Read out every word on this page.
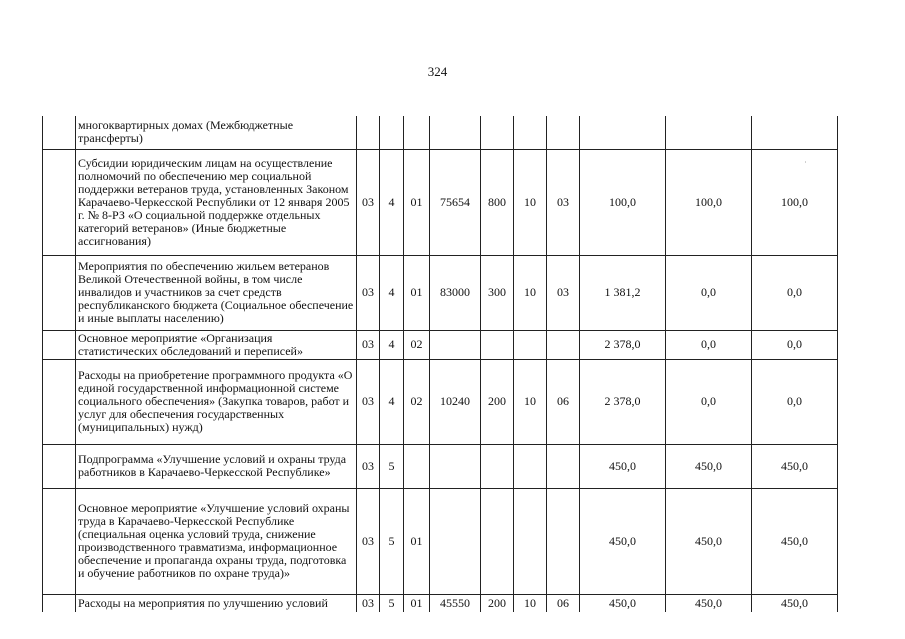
324
	многоквартирных домах (Межбюджетные трансферты)										
	Субсидии юридическим лицам на осуществление полномочий по обеспечению мер социальной поддержки ветеранов труда, установленных Законом Карачаево-Черкесской Республики от 12 января 2005 г. № 8-РЗ «О социальной поддержке отдельных категорий ветеранов» (Иные бюджетные ассигнования)	03	4	01	75654	800	10	03	100,0	100,0	100,0
	Мероприятия по обеспечению жильем ветеранов Великой Отечественной войны, в том числе инвалидов и участников за счет средств республиканского бюджета (Социальное обеспечение и иные выплаты населению)	03	4	01	83000	300	10	03	1 381,2	0,0	0,0
	Основное мероприятие «Организация статистических обследований и переписей»	03	4	02					2 378,0	0,0	0,0
	Расходы на приобретение программного продукта «О единой государственной информационной системе социального обеспечения» (Закупка товаров, работ и услуг для обеспечения государственных (муниципальных) нужд)	03	4	02	10240	200	10	06	2 378,0	0,0	0,0
	Подпрограмма «Улучшение условий и охраны труда работников в Карачаево-Черкесской Республике»	03	5						450,0	450,0	450,0
	Основное мероприятие «Улучшение условий охраны труда в Карачаево-Черкесской Республике (специальная оценка условий труда, снижение производственного травматизма, информационное обеспечение и пропаганда охраны труда, подготовка и обучение работников по охране труда)»	03	5	01					450,0	450,0	450,0
	Расходы на мероприятия по улучшению условий	03	5	01	45550	200	10	06	450,0	450,0	450,0
˙
